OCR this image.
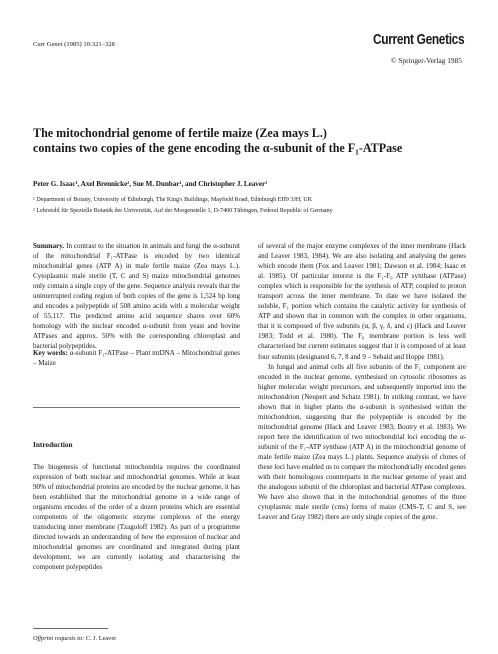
Curr Genet (1985) 10:321–328	Current Genetics
© Springer-Verlag 1985
The mitochondrial genome of fertile maize (Zea mays L.)
contains two copies of the gene encoding the α-subunit of the F₁-ATPase
Peter G. Isaac¹, Axel Brennicke², Sue M. Dunbar¹, and Christopher J. Leaver¹
¹ Department of Botany, University of Edinburgh, The King's Buildings, Mayfield Road, Edinburgh EH9 3JH, UK
² Lehrstuhl für Spezielle Botanik der Universität, Auf der Morgenstelle 1, D-7400 Tübingen, Federal Republic of Germany
Summary. In contrast to the situation in animals and fungi the α-subunit of the mitochondrial F₁-ATPase is encoded by two identical mitochondrial genes (ATP A) in male fertile maize (Zea mays L.). Cytoplasmic male sterile (T, C and S) maize mitochondrial genomes only contain a single copy of the gene. Sequence analysis reveals that the uninterrupted coding region of both copies of the gene is 1,524 bp long and encodes a polypeptide of 508 amino acids with a molecular weight of 55,117. The predicted amino acid sequence shares over 60% homology with the nuclear encoded α-subunit from yeast and bovine ATPases and approx. 50% with the corresponding chloroplast and bacterial polypeptides.
Key words: α-subunit F₁-ATPase – Plant mtDNA – Mitochondrial genes – Maize
Introduction
The biogenesis of functional mitochondria requires the coordinated expression of both nuclear and mitochondrial genomes. While at least 90% of mitochondrial proteins are encoded by the nuclear genome, it has been established that the mitochondrial genome in a wide range of organisms encodes of the order of a dozen proteins which are essential components of the oligomeric enzyme complexes of the energy transducing inner membrane (Tzagoloff 1982). As part of a programme directed towards an understanding of how the expression of nuclear and mitochondrial genomes are coordinated and integrated during plant development, we are currently isolating and characterising the component polypeptides
of several of the major enzyme complexes of the inner membrane (Hack and Leaver 1983, 1984). We are also isolating and analysing the genes which encode them (Fox and Leaver 1981; Dawson et al. 1984; Isaac et al. 1985). Of particular interest is the F₁-F₀ ATP synthase (ATPase) complex which is responsible for the synthesis of ATP, coupled to proton transport across the inner membrane. To date we have isolated the soluble, F₁ portion which contains the catalytic activity for synthesis of ATP and shown that in common with the complex in other organisms, that it is composed of five subunits (α, β, γ, δ, and ε) (Hack and Leaver 1983; Todd et al. 1980). The F₀ membrane portion is less well characterised but current estimates suggest that it is composed of at least four subunits (designated 6, 7, 8 and 9 – Sebald and Hoppe 1981).
In fungal and animal cells all five subunits of the F₁ component are encoded in the nuclear genome, synthesised on cytosolic ribosomes as higher molecular weight precursors, and subsequently imported into the mitochondrion (Neupert and Schatz 1981). In striking contrast, we have shown that in higher plants the α-subunit is synthesised within the mitochondrion, suggesting that the polypeptide is encoded by the mitochondrial genome (Hack and Leaver 1983; Boutry et al. 1983). We report here the identification of two mitochondrial loci encoding the α-subunit of the F₁-ATP synthase (ATP A) in the mitochondrial genome of male fertile maize (Zea mays L.) plants. Sequence analysis of clones of these loci have enabled us to compare the mitochondrially encoded genes with their homologous counterparts in the nuclear genome of yeast and the analogous subunit of the chloroplast and bacterial ATPase complexes. We have also shown that in the mitochondrial genomes of the three cytoplasmic male sterile (cms) forms of maize (CMS-T, C and S, see Leaver and Gray 1982) there are only single copies of the gene.
Offprint requests to: C. J. Leaver
